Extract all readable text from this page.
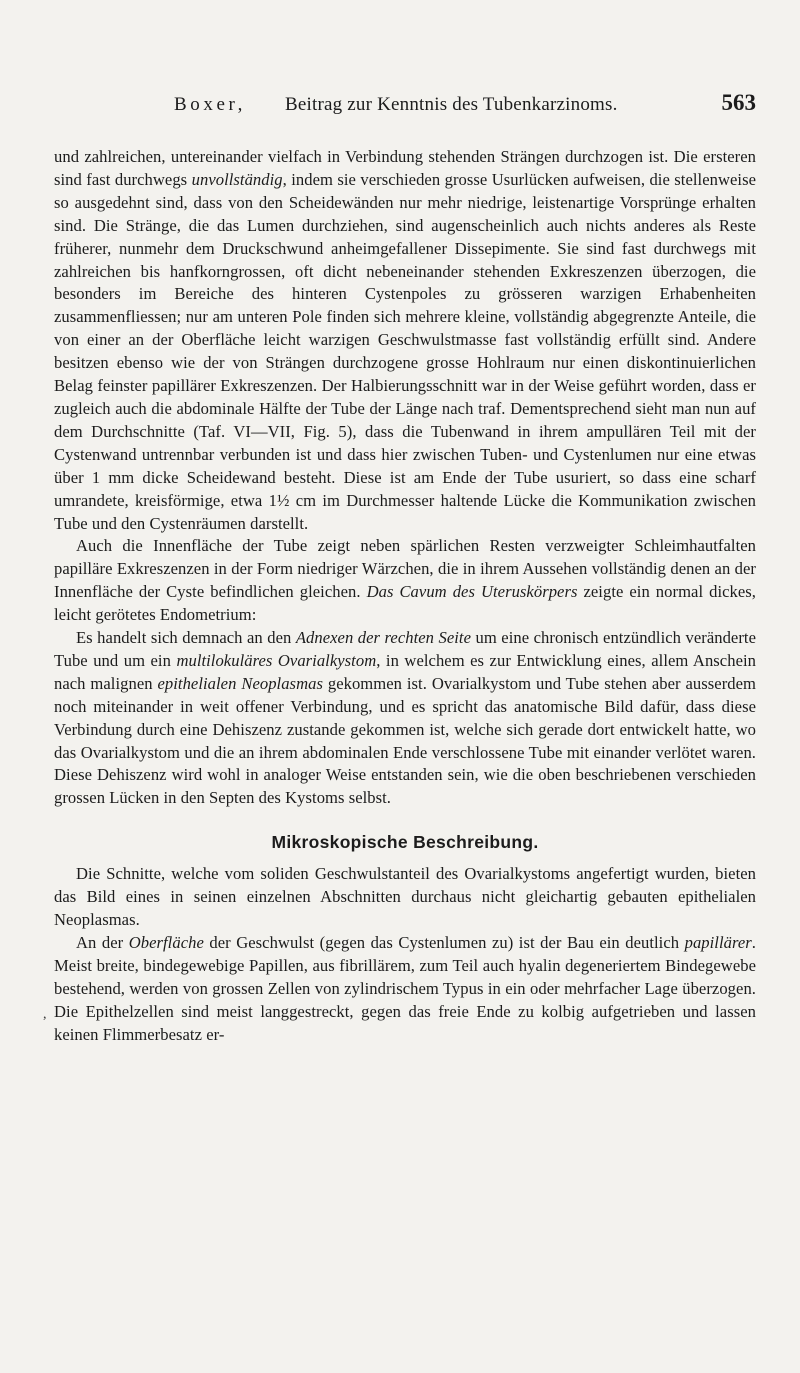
Boxer, Beitrag zur Kenntnis des Tubenkarzinoms.	563

und zahlreichen, untereinander vielfach in Verbindung stehenden Strängen durchzogen ist. Die ersteren sind fast durchwegs unvollständig, indem sie verschieden grosse Usurlücken aufweisen, die stellenweise so ausgedehnt sind, dass von den Scheidewänden nur mehr niedrige, leistenartige Vorsprünge erhalten sind. Die Stränge, die das Lumen durchziehen, sind augenscheinlich auch nichts anderes als Reste früherer, nunmehr dem Druckschwund anheimgefallener Dissepimente. Sie sind fast durchwegs mit zahlreichen bis hanfkorngrossen, oft dicht nebeneinander stehenden Exkreszenzen überzogen, die besonders im Bereiche des hinteren Cystenpoles zu grösseren warzigen Erhabenheiten zusammenfliessen; nur am unteren Pole finden sich mehrere kleine, vollständig abgegrenzte Anteile, die von einer an der Oberfläche leicht warzigen Geschwulstmasse fast vollständig erfüllt sind. Andere besitzen ebenso wie der von Strängen durchzogene grosse Hohlraum nur einen diskontinuierlichen Belag feinster papillärer Exkreszenzen. Der Halbierungsschnitt war in der Weise geführt worden, dass er zugleich auch die abdominale Hälfte der Tube der Länge nach traf. Dementsprechend sieht man nun auf dem Durchschnitte (Taf. VI—VII, Fig. 5), dass die Tubenwand in ihrem ampullären Teil mit der Cystenwand untrennbar verbunden ist und dass hier zwischen Tuben- und Cystenlumen nur eine etwas über 1 mm dicke Scheidewand besteht. Diese ist am Ende der Tube usuriert, so dass eine scharf umrandete, kreisförmige, etwa 1½ cm im Durchmesser haltende Lücke die Kommunikation zwischen Tube und den Cystenräumen darstellt.

Auch die Innenfläche der Tube zeigt neben spärlichen Resten verzweigter Schleimhautfalten papilläre Exkreszenzen in der Form niedriger Wärzchen, die in ihrem Aussehen vollständig denen an der Innenfläche der Cyste befindlichen gleichen. Das Cavum des Uteruskörpers zeigte ein normal dickes, leicht gerötetes Endometrium:

Es handelt sich demnach an den Adnexen der rechten Seite um eine chronisch entzündlich veränderte Tube und um ein multilokuläres Ovarialkystom, in welchem es zur Entwicklung eines, allem Anschein nach malignen epithelialen Neoplasmas gekommen ist. Ovarialkystom und Tube stehen aber ausserdem noch miteinander in weit offener Verbindung, und es spricht das anatomische Bild dafür, dass diese Verbindung durch eine Dehiszenz zustande gekommen ist, welche sich gerade dort entwickelt hatte, wo das Ovarialkystom und die an ihrem abdominalen Ende verschlossene Tube mit einander verlötet waren. Diese Dehiszenz wird wohl in analoger Weise entstanden sein, wie die oben beschriebenen verschieden grossen Lücken in den Septen des Kystoms selbst.

Mikroskopische Beschreibung.

Die Schnitte, welche vom soliden Geschwulstanteil des Ovarialkystoms angefertigt wurden, bieten das Bild eines in seinen einzelnen Abschnitten durchaus nicht gleichartig gebauten epithelialen Neoplasmas.

An der Oberfläche der Geschwulst (gegen das Cystenlumen zu) ist der Bau ein deutlich papillärer. Meist breite, bindegewebige Papillen, aus fibrillärem, zum Teil auch hyalin degeneriertem Bindegewebe bestehend, werden von grossen Zellen von zylindrischem Typus in ein oder mehrfacher Lage überzogen. Die Epithelzellen sind meist langgestreckt, gegen das freie Ende zu kolbig aufgetrieben und lassen keinen Flimmerbesatz er-

,
